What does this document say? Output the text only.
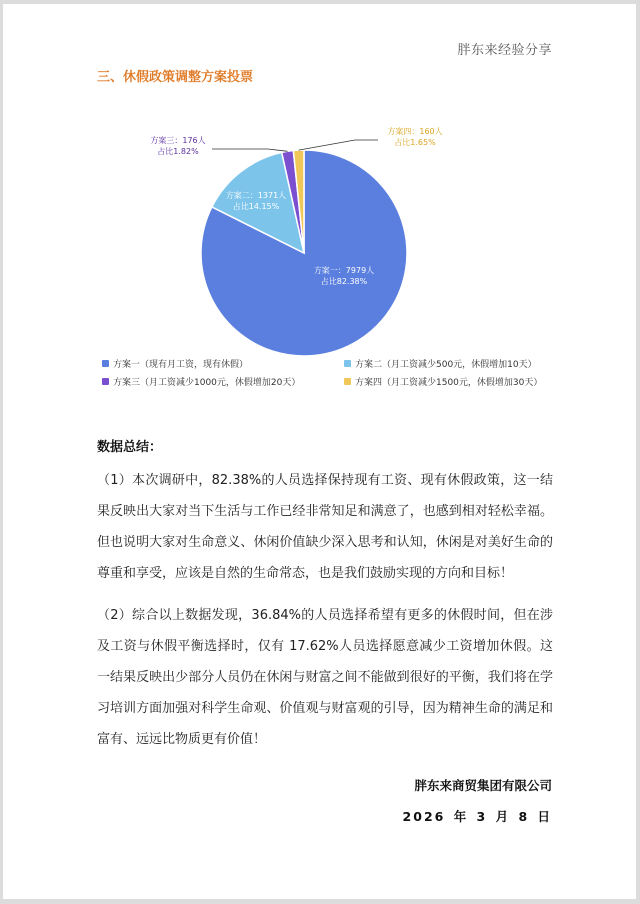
胖东来经验分享
三、休假政策调整方案投票
方案一：7979人
占比82.38%
方案二：1371人
占比14.15%
方案三：176人
占比1.82%
方案四：160人
占比1.65%
方案一（现有月工资，现有休假）	方案二（月工资减少500元，休假增加10天）
方案三（月工资减少1000元，休假增加20天）	方案四（月工资减少1500元，休假增加30天）
数据总结：
（1）本次调研中，82.38%的人员选择保持现有工资、现有休假政策，这一结果反映出大家对当下生活与工作已经非常知足和满意了，也感到相对轻松幸福。但也说明大家对生命意义、休闲价值缺少深入思考和认知，休闲是对美好生命的尊重和享受，应该是自然的生命常态，也是我们鼓励实现的方向和目标！
（2）综合以上数据发现，36.84%的人员选择希望有更多的休假时间，但在涉及工资与休假平衡选择时，仅有 17.62%人员选择愿意减少工资增加休假。这一结果反映出少部分人员仍在休闲与财富之间不能做到很好的平衡，我们将在学习培训方面加强对科学生命观、价值观与财富观的引导，因为精神生命的满足和富有、远远比物质更有价值！
胖东来商贸集团有限公司
2026 年 3 月 8 日
